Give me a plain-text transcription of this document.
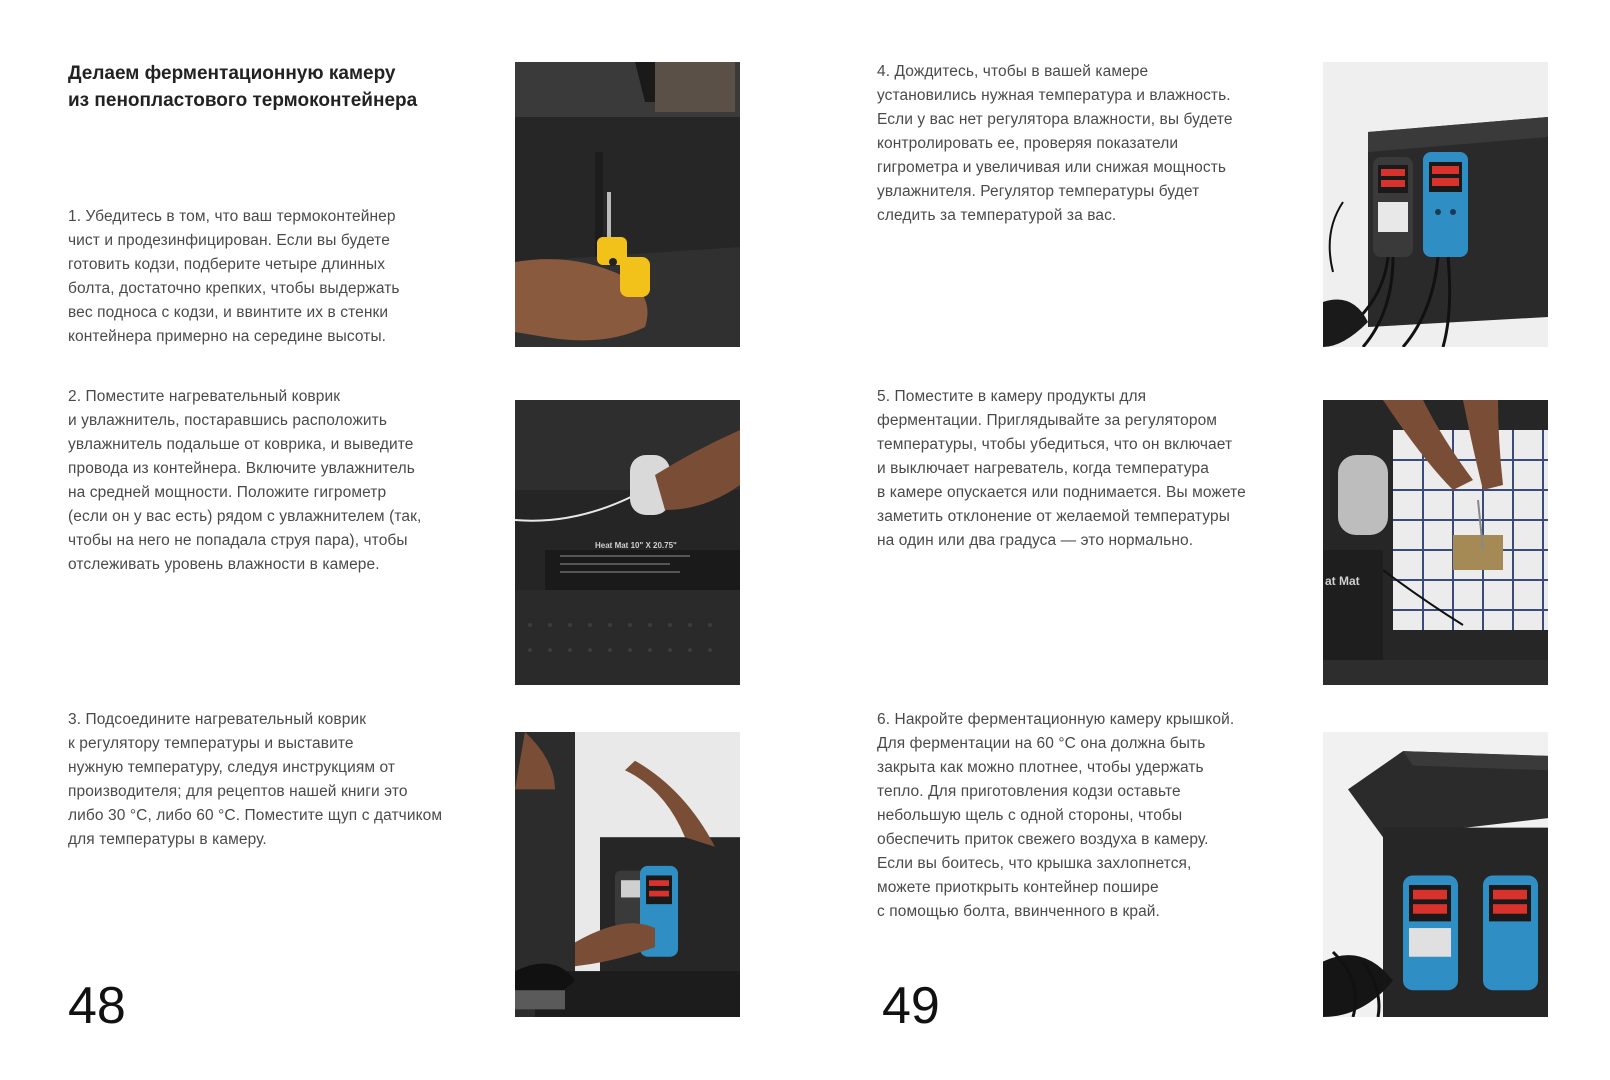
Делаем ферментационную камеру
из пенопластового термоконтейнера
1. Убедитесь в том, что ваш термоконтейнер
чист и продезинфицирован. Если вы будете
готовить кодзи, подберите четыре длинных
болта, достаточно крепких, чтобы выдержать
вес подноса с кодзи, и ввинтите их в стенки
контейнера примерно на середине высоты.
2. Поместите нагревательный коврик
и увлажнитель, постаравшись расположить
увлажнитель подальше от коврика, и выведите
провода из контейнера. Включите увлажнитель
на средней мощности. Положите гигрометр
(если он у вас есть) рядом с увлажнителем (так,
чтобы на него не попадала струя пара), чтобы
отслеживать уровень влажности в камере.
3. Подсоедините нагревательный коврик
к регулятору температуры и выставите
нужную температуру, следуя инструкциям от
производителя; для рецептов нашей книги это
либо 30 °С, либо 60 °С. Поместите щуп с датчиком
для температуры в камеру.
Heat Mat 10" X 20.75"
48
4. Дождитесь, чтобы в вашей камере
установились нужная температура и влажность.
Если у вас нет регулятора влажности, вы будете
контролировать ее, проверяя показатели
гигрометра и увеличивая или снижая мощность
увлажнителя. Регулятор температуры будет
следить за температурой за вас.
5. Поместите в камеру продукты для
ферментации. Приглядывайте за регулятором
температуры, чтобы убедиться, что он включает
и выключает нагреватель, когда температура
в камере опускается или поднимается. Вы можете
заметить отклонение от желаемой температуры
на один или два градуса — это нормально.
6. Накройте ферментационную камеру крышкой.
Для ферментации на 60 °С она должна быть
закрыта как можно плотнее, чтобы удержать
тепло. Для приготовления кодзи оставьте
небольшую щель с одной стороны, чтобы
обеспечить приток свежего воздуха в камеру.
Если вы боитесь, что крышка захлопнется,
можете приоткрыть контейнер пошире
с помощью болта, ввинченного в край.
at Mat
49
